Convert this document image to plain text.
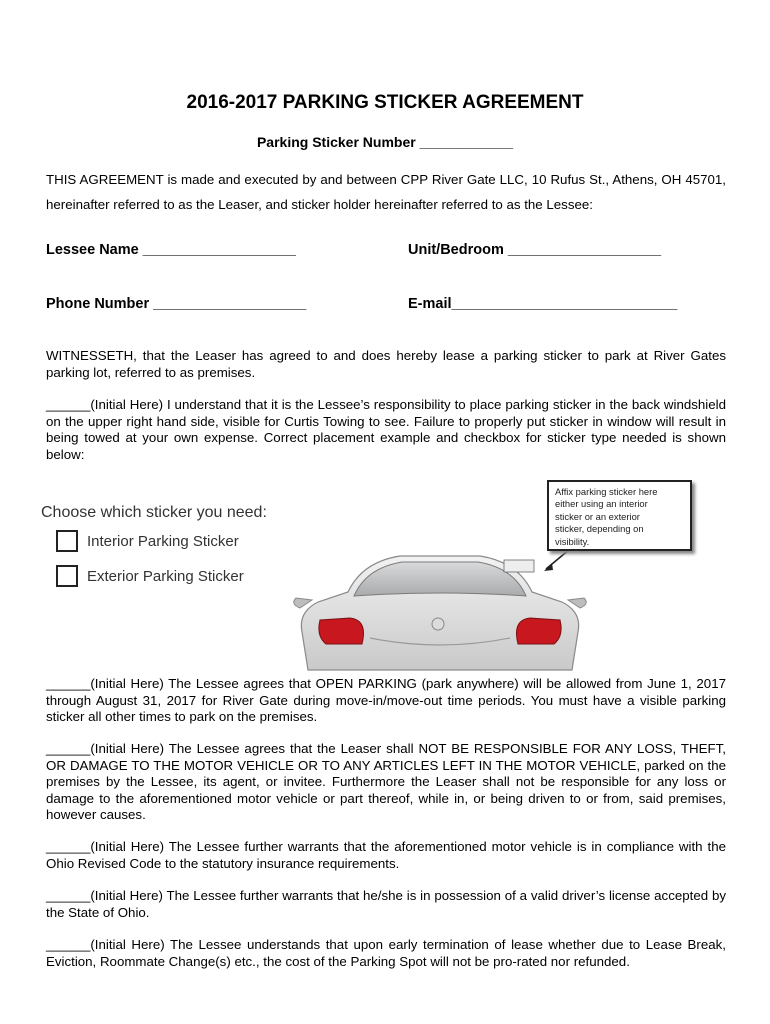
2016-2017 PARKING STICKER AGREEMENT
Parking Sticker Number ____________
THIS AGREEMENT is made and executed by and between CPP River Gate LLC, 10 Rufus St., Athens, OH 45701, hereinafter referred to as the Leaser, and sticker holder hereinafter referred to as the Lessee:
Lessee Name ___________________	Unit/Bedroom ___________________
Phone Number ___________________	E-mail____________________________
WITNESSETH, that the Leaser has agreed to and does hereby lease a parking sticker to park at River Gates parking lot, referred to as premises.
______(Initial Here) I understand that it is the Lessee’s responsibility to place parking sticker in the back windshield on the upper right hand side, visible for Curtis Towing to see. Failure to properly put sticker in window will result in being towed at your own expense. Correct placement example and checkbox for sticker type needed is shown below:
Choose which sticker you need:
Interior Parking Sticker
Exterior Parking Sticker
Affix parking sticker here
either using an interior
sticker or an exterior
sticker, depending on
visibility.
______(Initial Here) The Lessee agrees that OPEN PARKING (park anywhere) will be allowed from June 1, 2017 through August 31, 2017 for River Gate during move-in/move-out time periods. You must have a visible parking sticker all other times to park on the premises.
______(Initial Here) The Lessee agrees that the Leaser shall NOT BE RESPONSIBLE FOR ANY LOSS, THEFT, OR DAMAGE TO THE MOTOR VEHICLE OR TO ANY ARTICLES LEFT IN THE MOTOR VEHICLE, parked on the premises by the Lessee, its agent, or invitee. Furthermore the Leaser shall not be responsible for any loss or damage to the aforementioned motor vehicle or part thereof, while in, or being driven to or from, said premises, however causes.
______(Initial Here) The Lessee further warrants that the aforementioned motor vehicle is in compliance with the Ohio Revised Code to the statutory insurance requirements.
______(Initial Here) The Lessee further warrants that he/she is in possession of a valid driver’s license accepted by the State of Ohio.
______(Initial Here) The Lessee understands that upon early termination of lease whether due to Lease Break, Eviction, Roommate Change(s) etc., the cost of the Parking Spot will not be pro-rated nor refunded.
